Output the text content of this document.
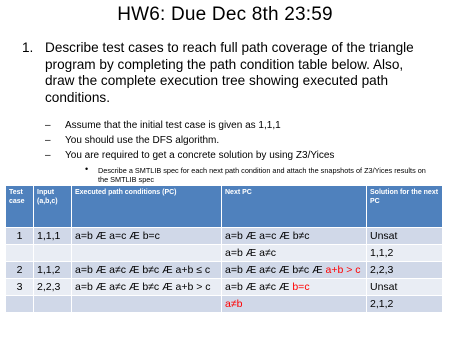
HW6: Due Dec 8th 23:59
1. Describe test cases to reach full path coverage of the triangle program by completing the path condition table below. Also, draw the complete execution tree showing executed path conditions.
– Assume that the initial test case is given as 1,1,1
– You should use the DFS algorithm.
– You are required to get a concrete solution by using Z3/Yices
• Describe a SMTLIB spec for each next path condition and attach the snapshots of Z3/Yices results on the SMTLIB spec
Test case	Input (a,b,c)	Executed path conditions (PC)	Next PC	Solution for the next PC
1	1,1,1	a=b Æ a=c Æ b=c	a=b Æ a=c Æ b≠c	Unsat
			a=b Æ a≠c	1,1,2
2	1,1,2	a=b Æ a≠c Æ b≠c Æ a+b ≤ c	a=b Æ a≠c Æ b≠c Æ a+b > c	2,2,3
3	2,2,3	a=b Æ a≠c Æ b≠c Æ a+b > c	a=b Æ a≠c Æ b=c	Unsat
			a≠b	2,1,2
